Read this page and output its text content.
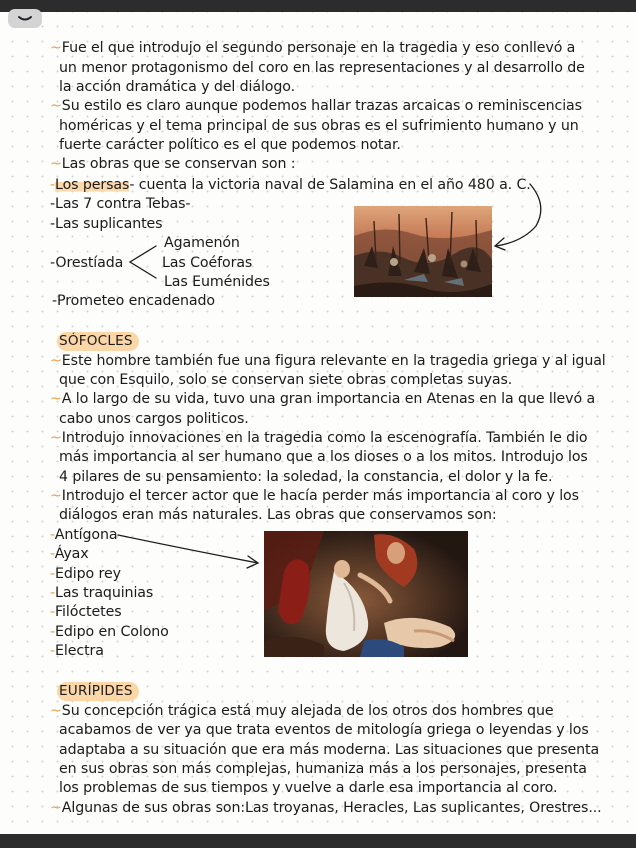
~Fue el que introdujo el segundo personaje en la tragedia y eso conllevó a
un menor protagonismo del coro en las representaciones y al desarrollo de
la acción dramática y del diálogo.
~Su estilo es claro aunque podemos hallar trazas arcaicas o reminiscencias
homéricas y el tema principal de sus obras es el sufrimiento humano y un
fuerte carácter político es el que podemos notar.
~Las obras que se conservan son :
-Los persas- cuenta la victoria naval de Salamina en el año 480 a. C.
-Las 7 contra Tebas-
-Las suplicantes
Agamenón
-Orestíada	Las Coéforas
Las Euménides
-Prometeo encadenado
SÓFOCLES
~Este hombre también fue una figura relevante en la tragedia griega y al igual
que con Esquilo, solo se conservan siete obras completas suyas.
~A lo largo de su vida, tuvo una gran importancia en Atenas en la que llevó a
cabo unos cargos politicos.
~Introdujo innovaciones en la tragedia como la escenografía. También le dio
más importancia al ser humano que a los dioses o a los mitos. Introdujo los
4 pilares de su pensamiento: la soledad, la constancia, el dolor y la fe.
~Introdujo el tercer actor que le hacía perder más importancia al coro y los
diálogos eran más naturales. Las obras que conservamos son:
-Antígona
-Áyax
-Edipo rey
-Las traquinias
-Filóctetes
-Edipo en Colono
-Electra
EURÍPIDES
~Su concepción trágica está muy alejada de los otros dos hombres que
acabamos de ver ya que trata eventos de mitología griega o leyendas y los
adaptaba a su situación que era más moderna. Las situaciones que presenta
en sus obras son más complejas, humaniza más a los personajes, presenta
los problemas de sus tiempos y vuelve a darle esa importancia al coro.
~Algunas de sus obras son:Las troyanas, Heracles, Las suplicantes, Orestres...
